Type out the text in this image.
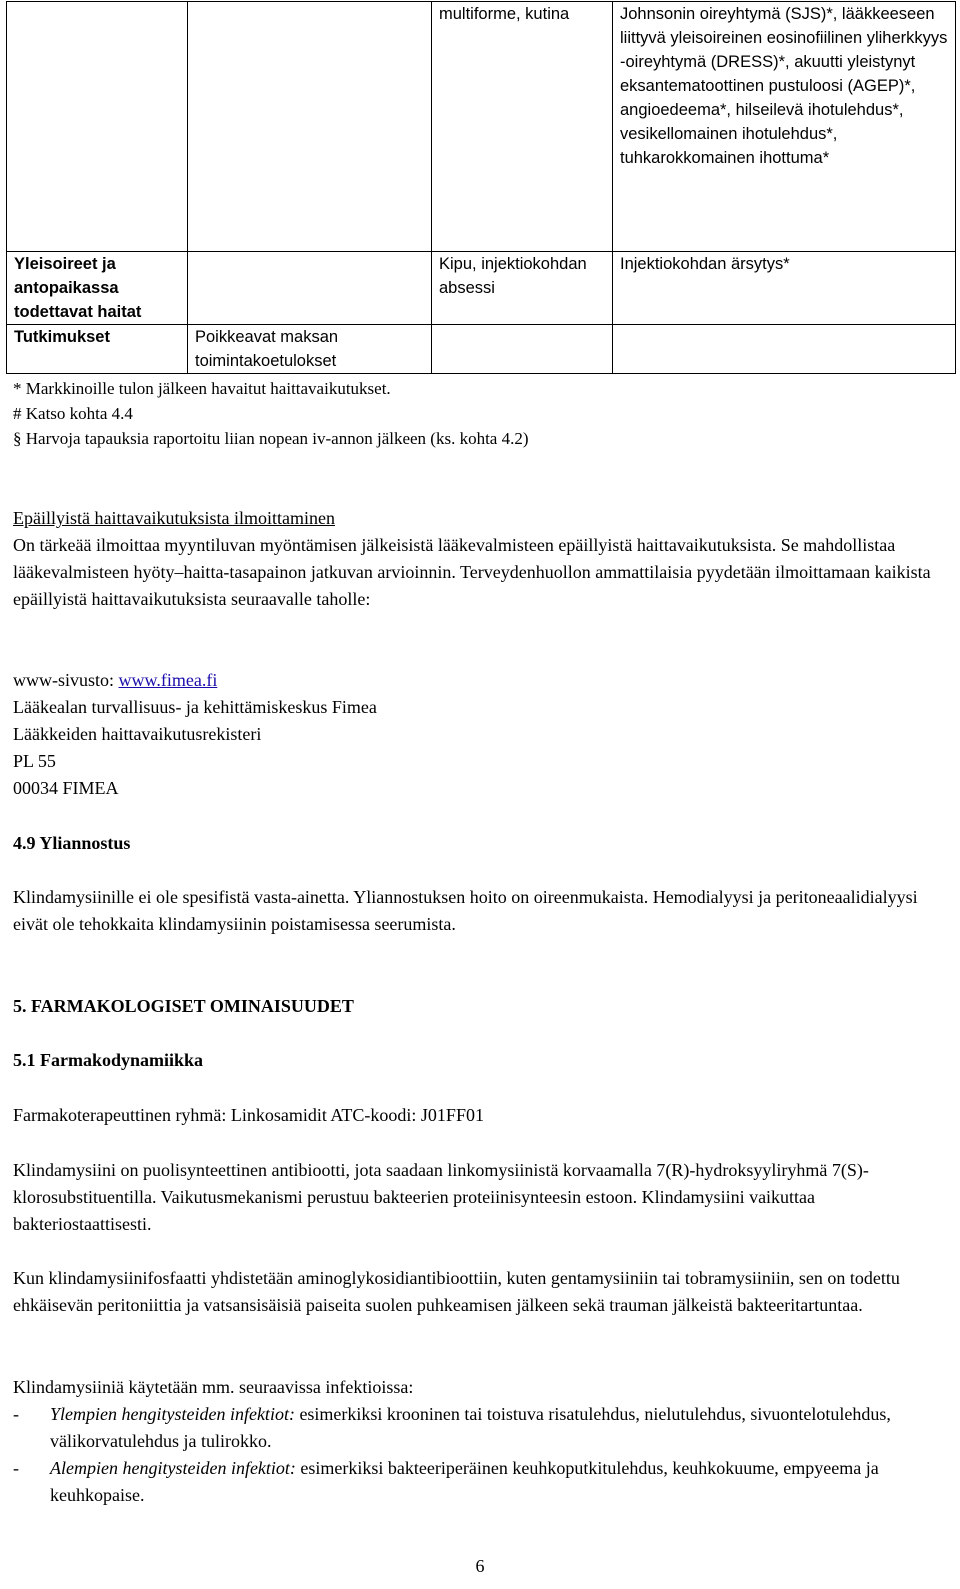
		multiforme, kutina	Johnsonin oireyhtymä (SJS)*, lääkkeeseen liittyvä yleisoireinen eosinofiilinen yliherkkyys -oireyhtymä (DRESS)*, akuutti yleistynyt eksantematoottinen pustuloosi (AGEP)*, angioedeema*, hilseilevä ihotulehdus*, vesikellomainen ihotulehdus*, tuhkarokkomainen ihottuma*
Yleisoireet ja antopaikassa todettavat haitat		Kipu, injektiokohdan absessi	Injektiokohdan ärsytys*
Tutkimukset	Poikkeavat maksan toimintakoetulokset		
* Markkinoille tulon jälkeen havaitut haittavaikutukset.
# Katso kohta 4.4
§ Harvoja tapauksia raportoitu liian nopean iv-annon jälkeen (ks. kohta 4.2)

Epäillyistä haittavaikutuksista ilmoittaminen

On tärkeää ilmoittaa myyntiluvan myöntämisen jälkeisistä lääkevalmisteen epäillyistä haittavaikutuksista. Se mahdollistaa lääkevalmisteen hyöty–haitta-tasapainon jatkuvan arvioinnin. Terveydenhuollon ammattilaisia pyydetään ilmoittamaan kaikista epäillyistä haittavaikutuksista seuraavalle taholle:

www-sivusto: www.fimea.fi

Lääkealan turvallisuus- ja kehittämiskeskus Fimea

Lääkkeiden haittavaikutusrekisteri

PL 55

00034 FIMEA

4.9 Yliannostus
Klindamysiinille ei ole spesifistä vasta-ainetta. Yliannostuksen hoito on oireenmukaista. Hemodialyysi ja peritoneaalidialyysi eivät ole tehokkaita klindamysiinin poistamisessa seerumista.
5. FARMAKOLOGISET OMINAISUUDET
5.1 Farmakodynamiikka
Farmakoterapeuttinen ryhmä: Linkosamidit ATC-koodi: J01FF01
Klindamysiini on puolisynteettinen antibiootti, jota saadaan linkomysiinistä korvaamalla 7(R)-hydroksyyliryhmä 7(S)-klorosubstituentilla. Vaikutusmekanismi perustuu bakteerien proteiinisynteesin estoon. Klindamysiini vaikuttaa bakteriostaattisesti.
Kun klindamysiinifosfaatti yhdistetään aminoglykosidiantibioottiin, kuten gentamysiiniin tai tobramysiiniin, sen on todettu ehkäisevän peritoniittia ja vatsansisäisiä paiseita suolen puhkeamisen jälkeen sekä trauman jälkeistä bakteeritartuntaa.

Klindamysiiniä käytetään mm. seuraavissa infektioissa:

-	Ylempien hengitysteiden infektiot: esimerkiksi krooninen tai toistuva risatulehdus, nielutulehdus, sivuontelotulehdus, välikorvatulehdus ja tulirokko.
-	Alempien hengitysteiden infektiot: esimerkiksi bakteeriperäinen keuhkoputkitulehdus, keuhkokuume, empyeema ja keuhkopaise.
6
